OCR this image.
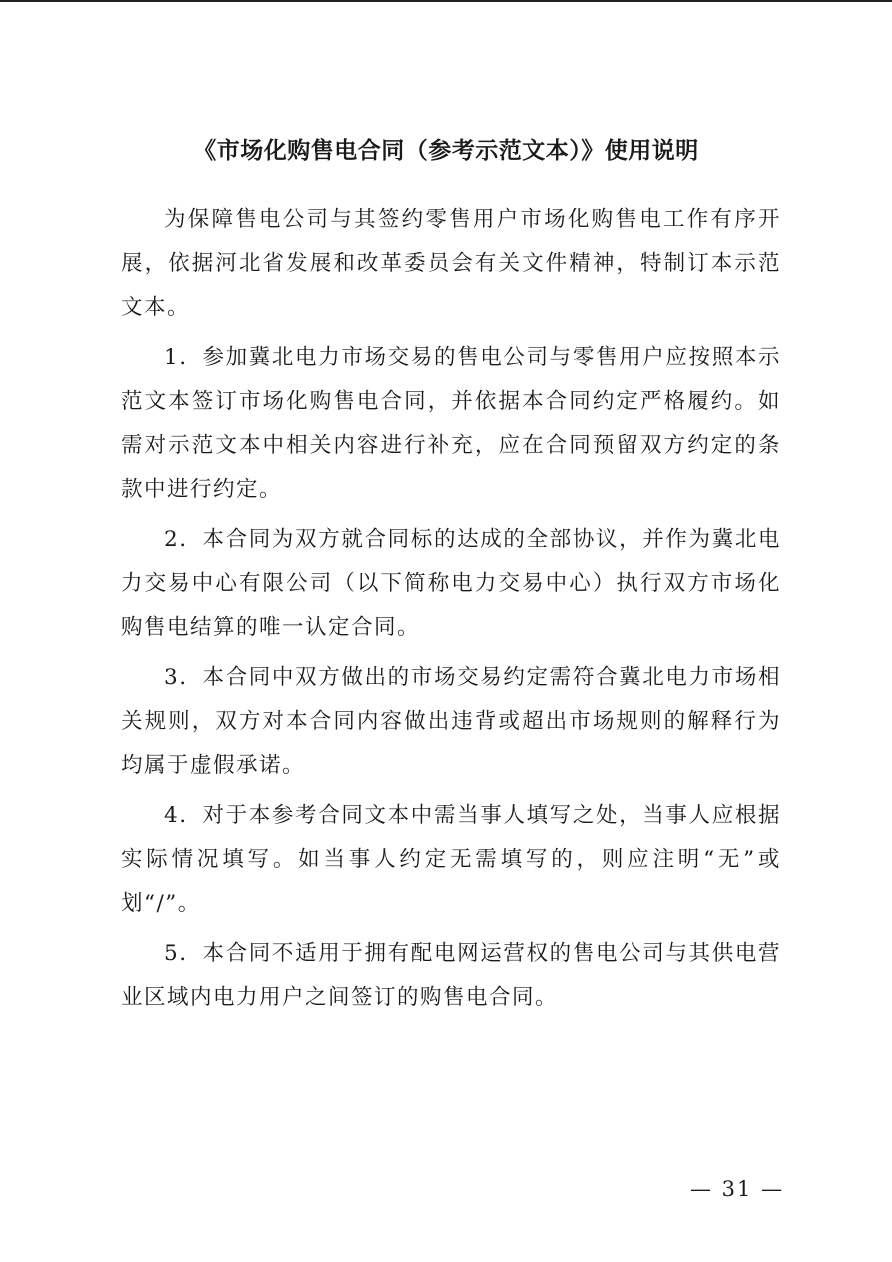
《市场化购售电合同（参考示范文本）》使用说明

为保障售电公司与其签约零售用户市场化购售电工作有序开展，依据河北省发展和改革委员会有关文件精神，特制订本示范文本。

1．参加冀北电力市场交易的售电公司与零售用户应按照本示范文本签订市场化购售电合同，并依据本合同约定严格履约。如需对示范文本中相关内容进行补充，应在合同预留双方约定的条款中进行约定。

2．本合同为双方就合同标的达成的全部协议，并作为冀北电力交易中心有限公司（以下简称电力交易中心）执行双方市场化购售电结算的唯一认定合同。

3．本合同中双方做出的市场交易约定需符合冀北电力市场相关规则，双方对本合同内容做出违背或超出市场规则的解释行为均属于虚假承诺。

4．对于本参考合同文本中需当事人填写之处，当事人应根据实际情况填写。如当事人约定无需填写的，则应注明“无”或划“/”。

5．本合同不适用于拥有配电网运营权的售电公司与其供电营业区域内电力用户之间签订的购售电合同。

— 31 —
